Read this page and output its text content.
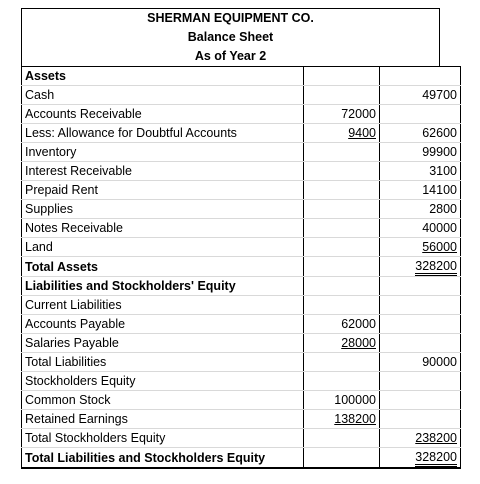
SHERMAN EQUIPMENT CO.
Balance Sheet
As of Year 2
Assets		
Cash		49700
Accounts Receivable	72000	
Less: Allowance for Doubtful Accounts	9400	62600
Inventory		99900
Interest Receivable		3100
Prepaid Rent		14100
Supplies		2800
Notes Receivable		40000
Land		56000
Total Assets		328200
Liabilities and Stockholders' Equity		
Current Liabilities		
Accounts Payable	62000	
Salaries Payable	28000	
Total Liabilities		90000
Stockholders Equity		
Common Stock	100000	
Retained Earnings	138200	
Total Stockholders Equity		238200
Total Liabilities and Stockholders Equity		328200
